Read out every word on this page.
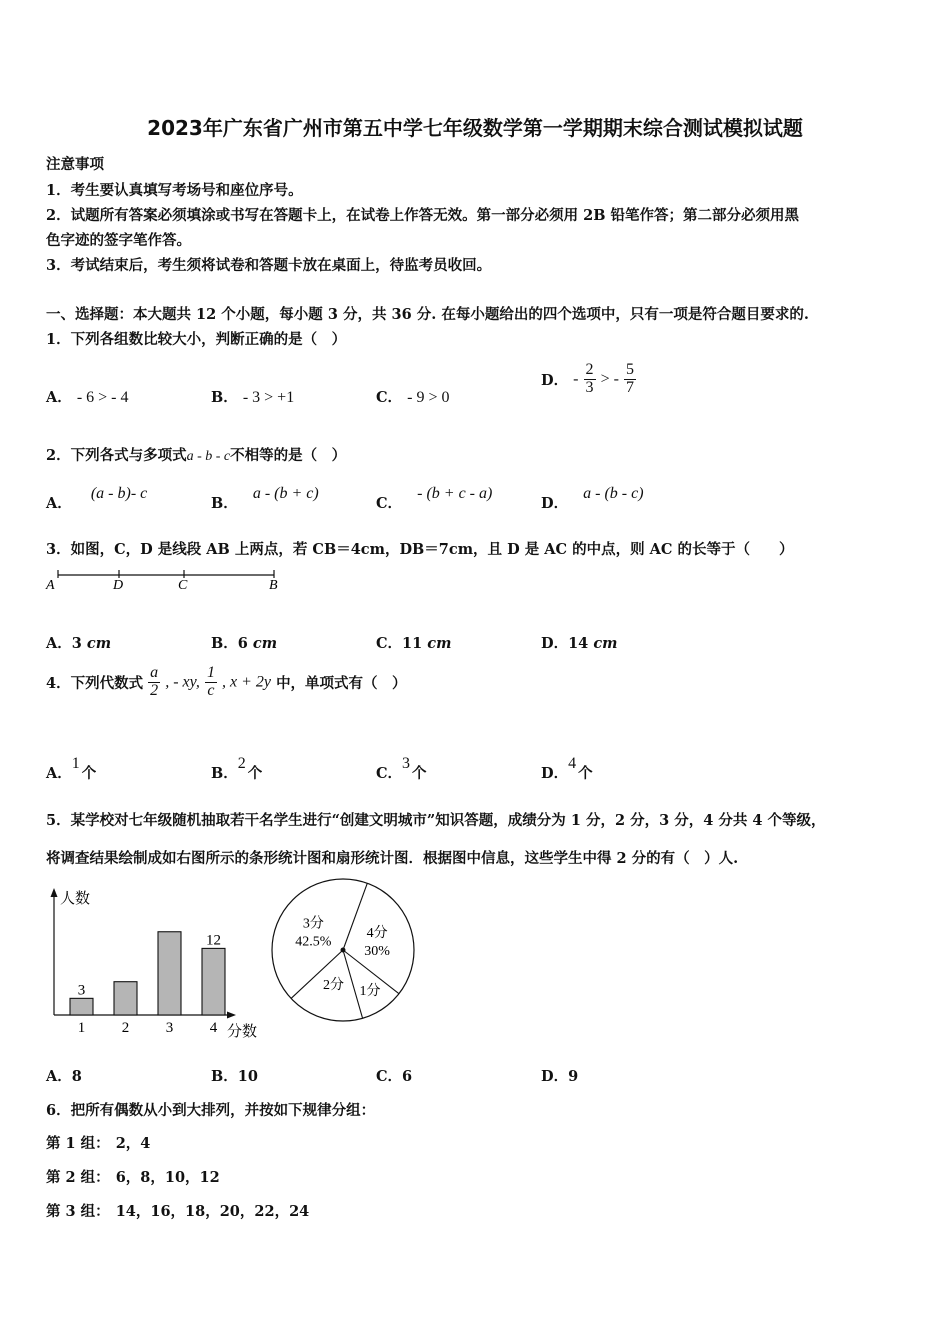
2023年广东省广州市第五中学七年级数学第一学期期末综合测试模拟试题
注意事项
1．考生要认真填写考场号和座位序号。
2．试题所有答案必须填涂或书写在答题卡上，在试卷上作答无效。第一部分必须用 2B 铅笔作答；第二部分必须用黑
色字迹的签字笔作答。
3．考试结束后，考生须将试卷和答题卡放在桌面上，待监考员收回。
一、选择题：本大题共 12 个小题，每小题 3 分，共 36 分. 在每小题给出的四个选项中，只有一项是符合题目要求的.
1．下列各组数比较大小，判断正确的是（　）
A． - 6 > - 4	B． - 3 > +1	C． - 9 > 0
D． - $\frac{2}{3}$ > - $\frac{5}{7}$
2．下列各式与多项式a - b - c不相等的是（　）
A． (a - b)- c
B． a - (b + c)
C． - (b + c - a)
D． a - (b - c)
3．如图，C，D 是线段 AB 上两点，若 CB＝4cm，DB＝7cm，且 D 是 AC 的中点，则 AC 的长等于（　　）
A	D	C	B
A．3 cm	B．6 cm	C．11 cm	D．14 cm
4．下列代数式 $\frac{a}{2}$ , - xy, $\frac{1}{c}$ , x + 2y 中，单项式有（　）
A．1个	B．2个	C．3个	D．4个
5．某学校对七年级随机抽取若干名学生进行“创建文明城市”知识答题，成绩分为 1 分，2 分，3 分，4 分共 4 个等级，
将调查结果绘制成如右图所示的条形统计图和扇形统计图．根据图中信息，这些学生中得 2 分的有（　）人.
人数
分数
1
3
2 3 4
12	4分
30%
1分
2分
3分
42.5%
A．8	B．10	C．6	D．9
6．把所有偶数从小到大排列，并按如下规律分组：
第 1 组： 2，4
第 2 组： 6，8，10，12
第 3 组： 14，16，18，20，22，24
